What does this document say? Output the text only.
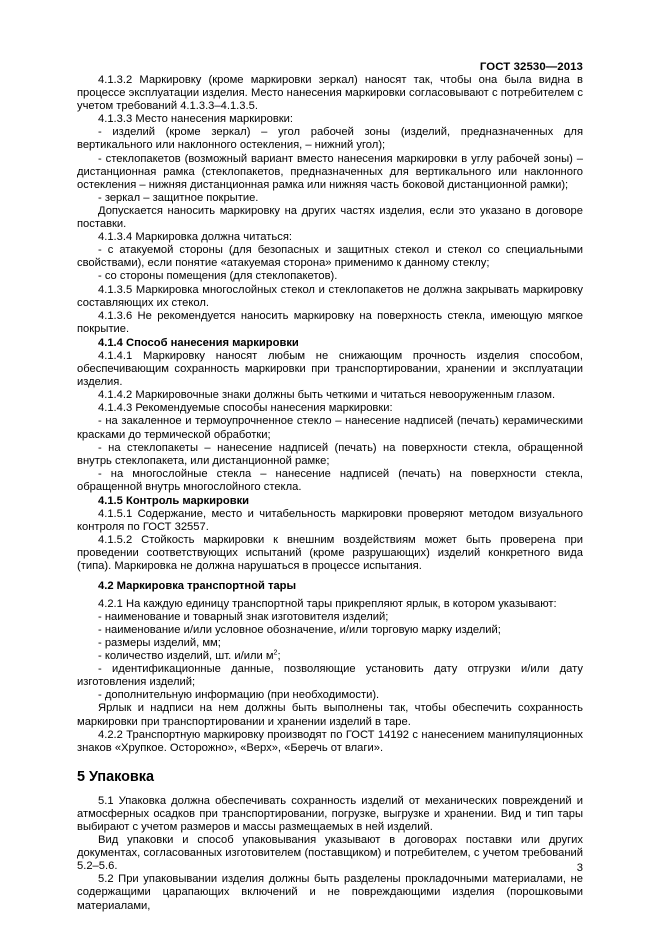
ГОСТ 32530—2013

4.1.3.2 Маркировку (кроме маркировки зеркал) наносят так, чтобы она была видна в процессе эксплуатации изделия. Место нанесения маркировки согласовывают с потребителем с учетом требований 4.1.3.3–4.1.3.5.

4.1.3.3 Место нанесения маркировки:

- изделий (кроме зеркал) – угол рабочей зоны (изделий, предназначенных для вертикального или наклонного остекления, – нижний угол);

- стеклопакетов (возможный вариант вместо нанесения маркировки в углу рабочей зоны) – дистанционная рамка (стеклопакетов, предназначенных для вертикального или наклонного остекления – нижняя дистанционная рамка или нижняя часть боковой дистанционной рамки);

- зеркал – защитное покрытие.

Допускается наносить маркировку на других частях изделия, если это указано в договоре поставки.

4.1.3.4 Маркировка должна читаться:

- с атакуемой стороны (для безопасных и защитных стекол и стекол со специальными свойствами), если понятие «атакуемая сторона» применимо к данному стеклу;

- со стороны помещения (для стеклопакетов).

4.1.3.5 Маркировка многослойных стекол и стеклопакетов не должна закрывать маркировку составляющих их стекол.

4.1.3.6 Не рекомендуется наносить маркировку на поверхность стекла, имеющую мягкое покрытие.

4.1.4 Способ нанесения маркировки

4.1.4.1 Маркировку наносят любым не снижающим прочность изделия способом, обеспечивающим сохранность маркировки при транспортировании, хранении и эксплуатации изделия.

4.1.4.2 Маркировочные знаки должны быть четкими и читаться невооруженным глазом.

4.1.4.3 Рекомендуемые способы нанесения маркировки:

- на закаленное и термоупрочненное стекло – нанесение надписей (печать) керамическими красками до термической обработки;

- на стеклопакеты – нанесение надписей (печать) на поверхности стекла, обращенной внутрь стеклопакета, или дистанционной рамке;

- на многослойные стекла – нанесение надписей (печать) на поверхности стекла, обращенной внутрь многослойного стекла.

4.1.5 Контроль маркировки

4.1.5.1 Содержание, место и читабельность маркировки проверяют методом визуального контроля по ГОСТ 32557.

4.1.5.2 Стойкость маркировки к внешним воздействиям может быть проверена при проведении соответствующих испытаний (кроме разрушающих) изделий конкретного вида (типа). Маркировка не должна нарушаться в процессе испытания.

4.2 Маркировка транспортной тары

4.2.1 На каждую единицу транспортной тары прикрепляют ярлык, в котором указывают:

- наименование и товарный знак изготовителя изделий;

- наименование и/или условное обозначение, и/или торговую марку изделий;

- размеры изделий, мм;

- количество изделий, шт. и/или $м^2$;

- идентификационные данные, позволяющие установить дату отгрузки и/или дату изготовления изделий;

- дополнительную информацию (при необходимости).

Ярлык и надписи на нем должны быть выполнены так, чтобы обеспечить сохранность маркировки при транспортировании и хранении изделий в таре.

4.2.2 Транспортную маркировку производят по ГОСТ 14192 с нанесением манипуляционных знаков «Хрупкое. Осторожно», «Верх», «Беречь от влаги».

5 Упаковка

5.1 Упаковка должна обеспечивать сохранность изделий от механических повреждений и атмосферных осадков при транспортировании, погрузке, выгрузке и хранении. Вид и тип тары выбирают с учетом размеров и массы размещаемых в ней изделий.

Вид упаковки и способ упаковывания указывают в договорах поставки или других документах, согласованных изготовителем (поставщиком) и потребителем, с учетом требований 5.2–5.6.

5.2 При упаковывании изделия должны быть разделены прокладочными материалами, не содержащими царапающих включений и не повреждающими изделия (порошковыми материалами,

3
